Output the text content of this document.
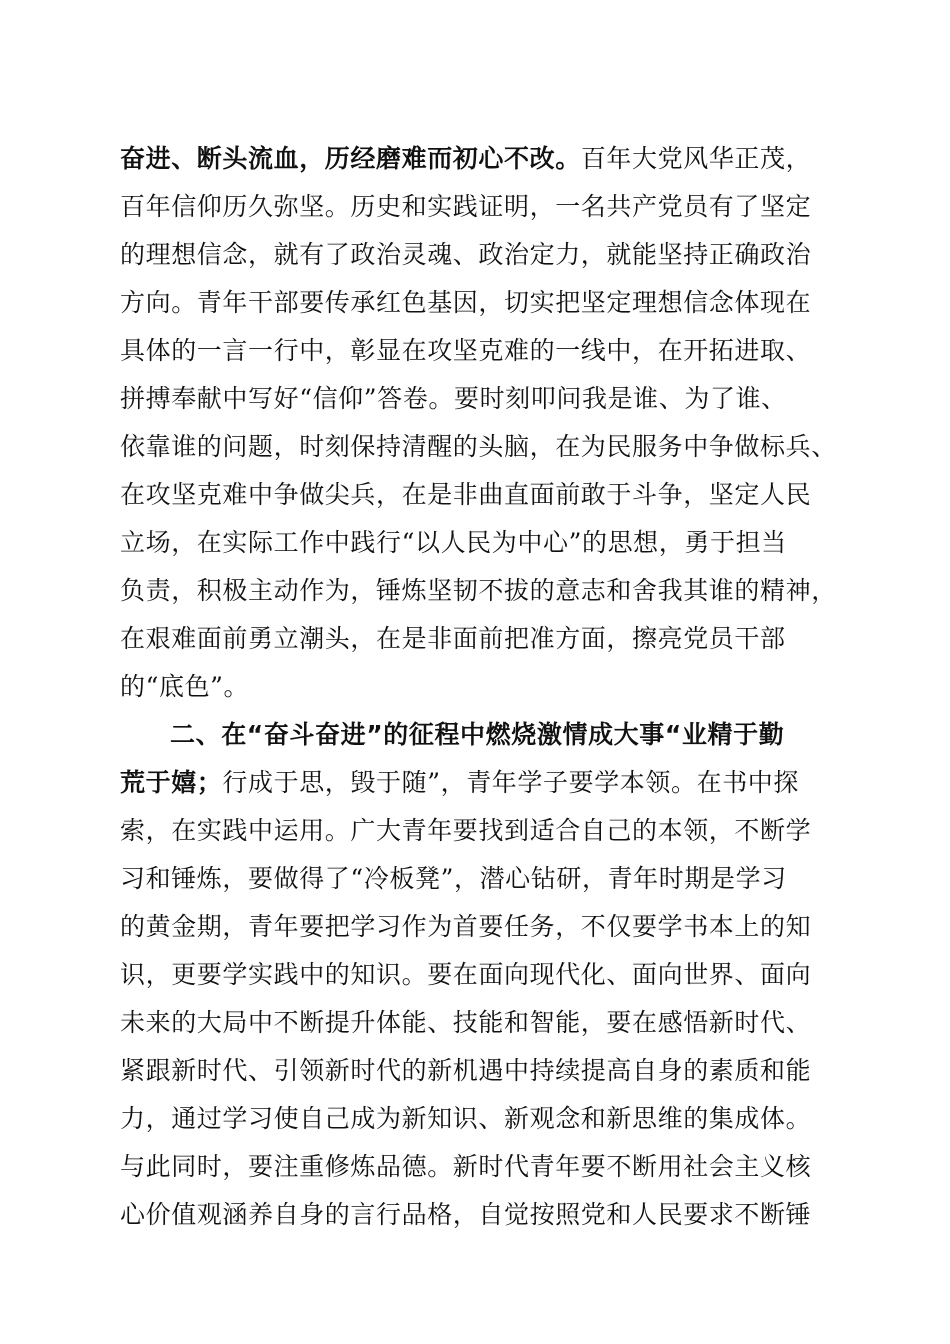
奋进、断头流血，历经磨难而初心不改。百年大党风华正茂，
百年信仰历久弥坚。历史和实践证明，一名共产党员有了坚定
的理想信念，就有了政治灵魂、政治定力，就能坚持正确政治
方向。青年干部要传承红色基因，切实把坚定理想信念体现在
具体的一言一行中，彰显在攻坚克难的一线中，在开拓进取、
拼搏奉献中写好“信仰”答卷。要时刻叩问我是谁、为了谁、
依靠谁的问题，时刻保持清醒的头脑，在为民服务中争做标兵、
在攻坚克难中争做尖兵，在是非曲直面前敢于斗争，坚定人民
立场，在实际工作中践行“以人民为中心”的思想，勇于担当
负责，积极主动作为，锤炼坚韧不拔的意志和舍我其谁的精神，
在艰难面前勇立潮头，在是非面前把准方面，擦亮党员干部
的“底色”。
二、在“奋斗奋进”的征程中燃烧激情成大事“业精于勤
荒于嬉；行成于思，毁于随”，青年学子要学本领。在书中探
索，在实践中运用。广大青年要找到适合自己的本领，不断学
习和锤炼，要做得了“冷板凳”，潜心钻研，青年时期是学习
的黄金期，青年要把学习作为首要任务，不仅要学书本上的知
识，更要学实践中的知识。要在面向现代化、面向世界、面向
未来的大局中不断提升体能、技能和智能，要在感悟新时代、
紧跟新时代、引领新时代的新机遇中持续提高自身的素质和能
力，通过学习使自己成为新知识、新观念和新思维的集成体。
与此同时，要注重修炼品德。新时代青年要不断用社会主义核
心价值观涵养自身的言行品格，自觉按照党和人民要求不断锤
